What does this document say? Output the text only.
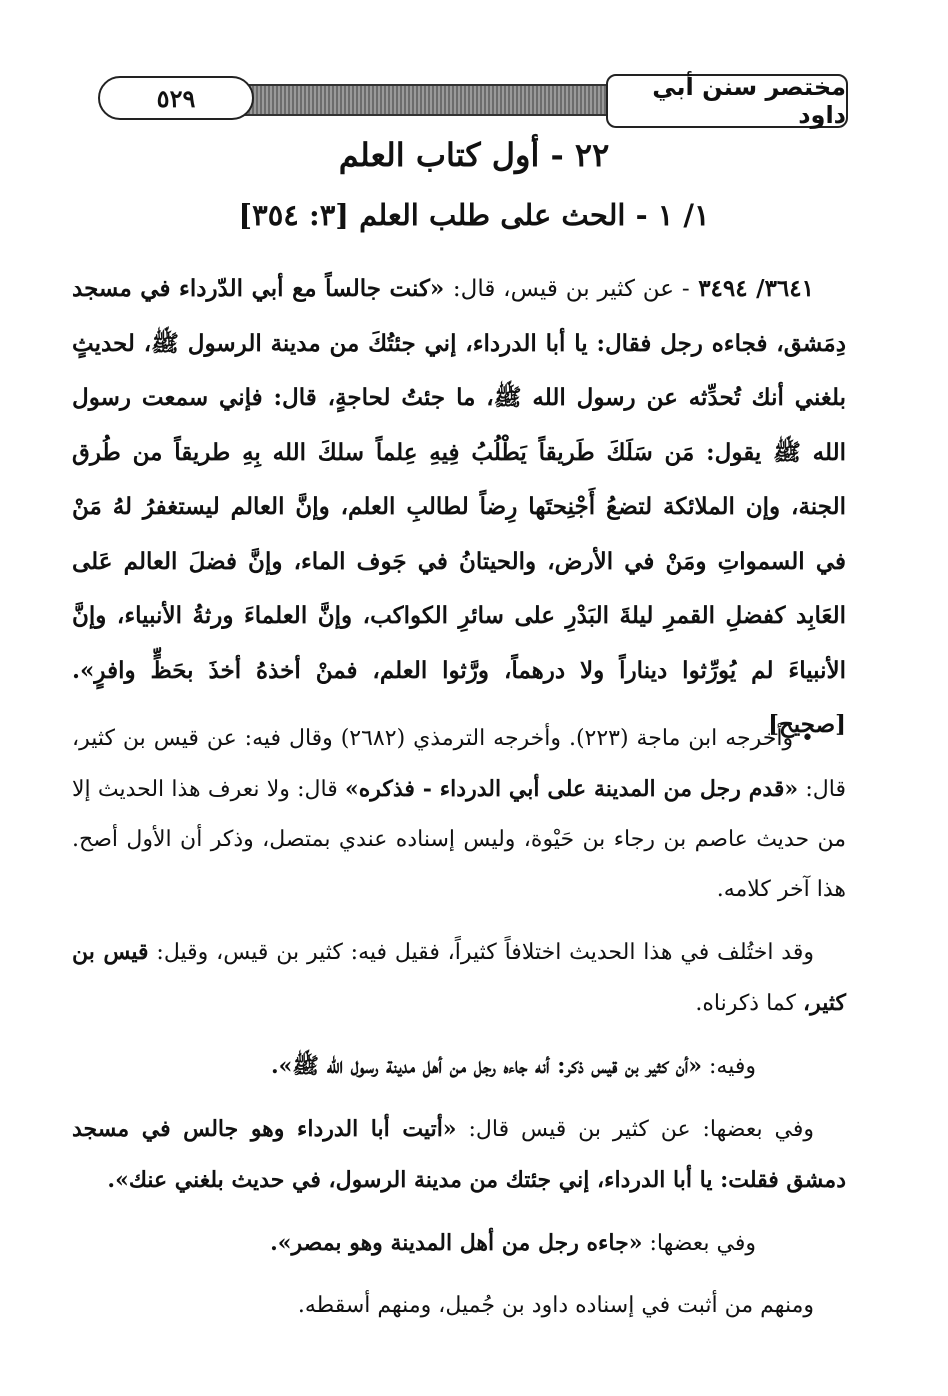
مختصر سنن أبي داود
٥٢٩
٢٢ - أول كتاب العلم
١/ ١ - الحث على طلب العلم [٣: ٣٥٤]

٣٦٤١/ ٣٤٩٤ - عن كثير بن قيس، قال: «كنت جالساً مع أبي الدّرداء في مسجد دِمَشق، فجاءه رجل فقال: يا أبا الدرداء، إني جئتُكَ من مدينة الرسول ﷺ، لحديثٍ بلغني أنك تُحدِّثه عن رسول الله ﷺ، ما جئتُ لحاجةٍ، قال: فإني سمعت رسول الله ﷺ يقول: مَن سَلَكَ طَريقاً يَطْلُبُ فِيهِ عِلماً سلكَ الله بِهِ طريقاً من طُرق الجنة، وإن الملائكة لتضعُ أَجْنِحتَها رِضاً لطالبِ العلم، وإنَّ العالم ليستغفرُ لهُ مَنْ في السمواتِ ومَنْ في الأرض، والحيتانُ في جَوف الماء، وإنَّ فضلَ العالم عَلى العَابِد كفضلِ القمرِ ليلةَ البَدْرِ على سائرِ الكواكب، وإنَّ العلماءَ ورثةُ الأنبياء، وإنَّ الأنبياءَ لم يُورِّثوا ديناراً ولا درهماً، ورَّثوا العلم، فمنْ أخذهُ أخذَ بحَظٍّ وافرٍ». [صحيح]

• وأخرجه ابن ماجة (٢٢٣). وأخرجه الترمذي (٢٦٨٢) وقال فيه: عن قيس بن كثير، قال: «قدم رجل من المدينة على أبي الدرداء - فذكره» قال: ولا نعرف هذا الحديث إلا من حديث عاصم بن رجاء بن حَيْوة، وليس إسناده عندي بمتصل، وذكر أن الأول أصح. هذا آخر كلامه.

وقد اختُلف في هذا الحديث اختلافاً كثيراً، فقيل فيه: كثير بن قيس، وقيل: قيس بن كثير، كما ذكرناه.

وفيه: «أن كثير بن قيس ذكر: أنه جاءه رجل من أهل مدينة رسول الله ﷺ».

وفي بعضها: عن كثير بن قيس قال: «أتيت أبا الدرداء وهو جالس في مسجد دمشق فقلت: يا أبا الدرداء، إني جئتك من مدينة الرسول، في حديث بلغني عنك».

وفي بعضها: «جاءه رجل من أهل المدينة وهو بمصر».

ومنهم من أثبت في إسناده داود بن جُميل، ومنهم أسقطه.
